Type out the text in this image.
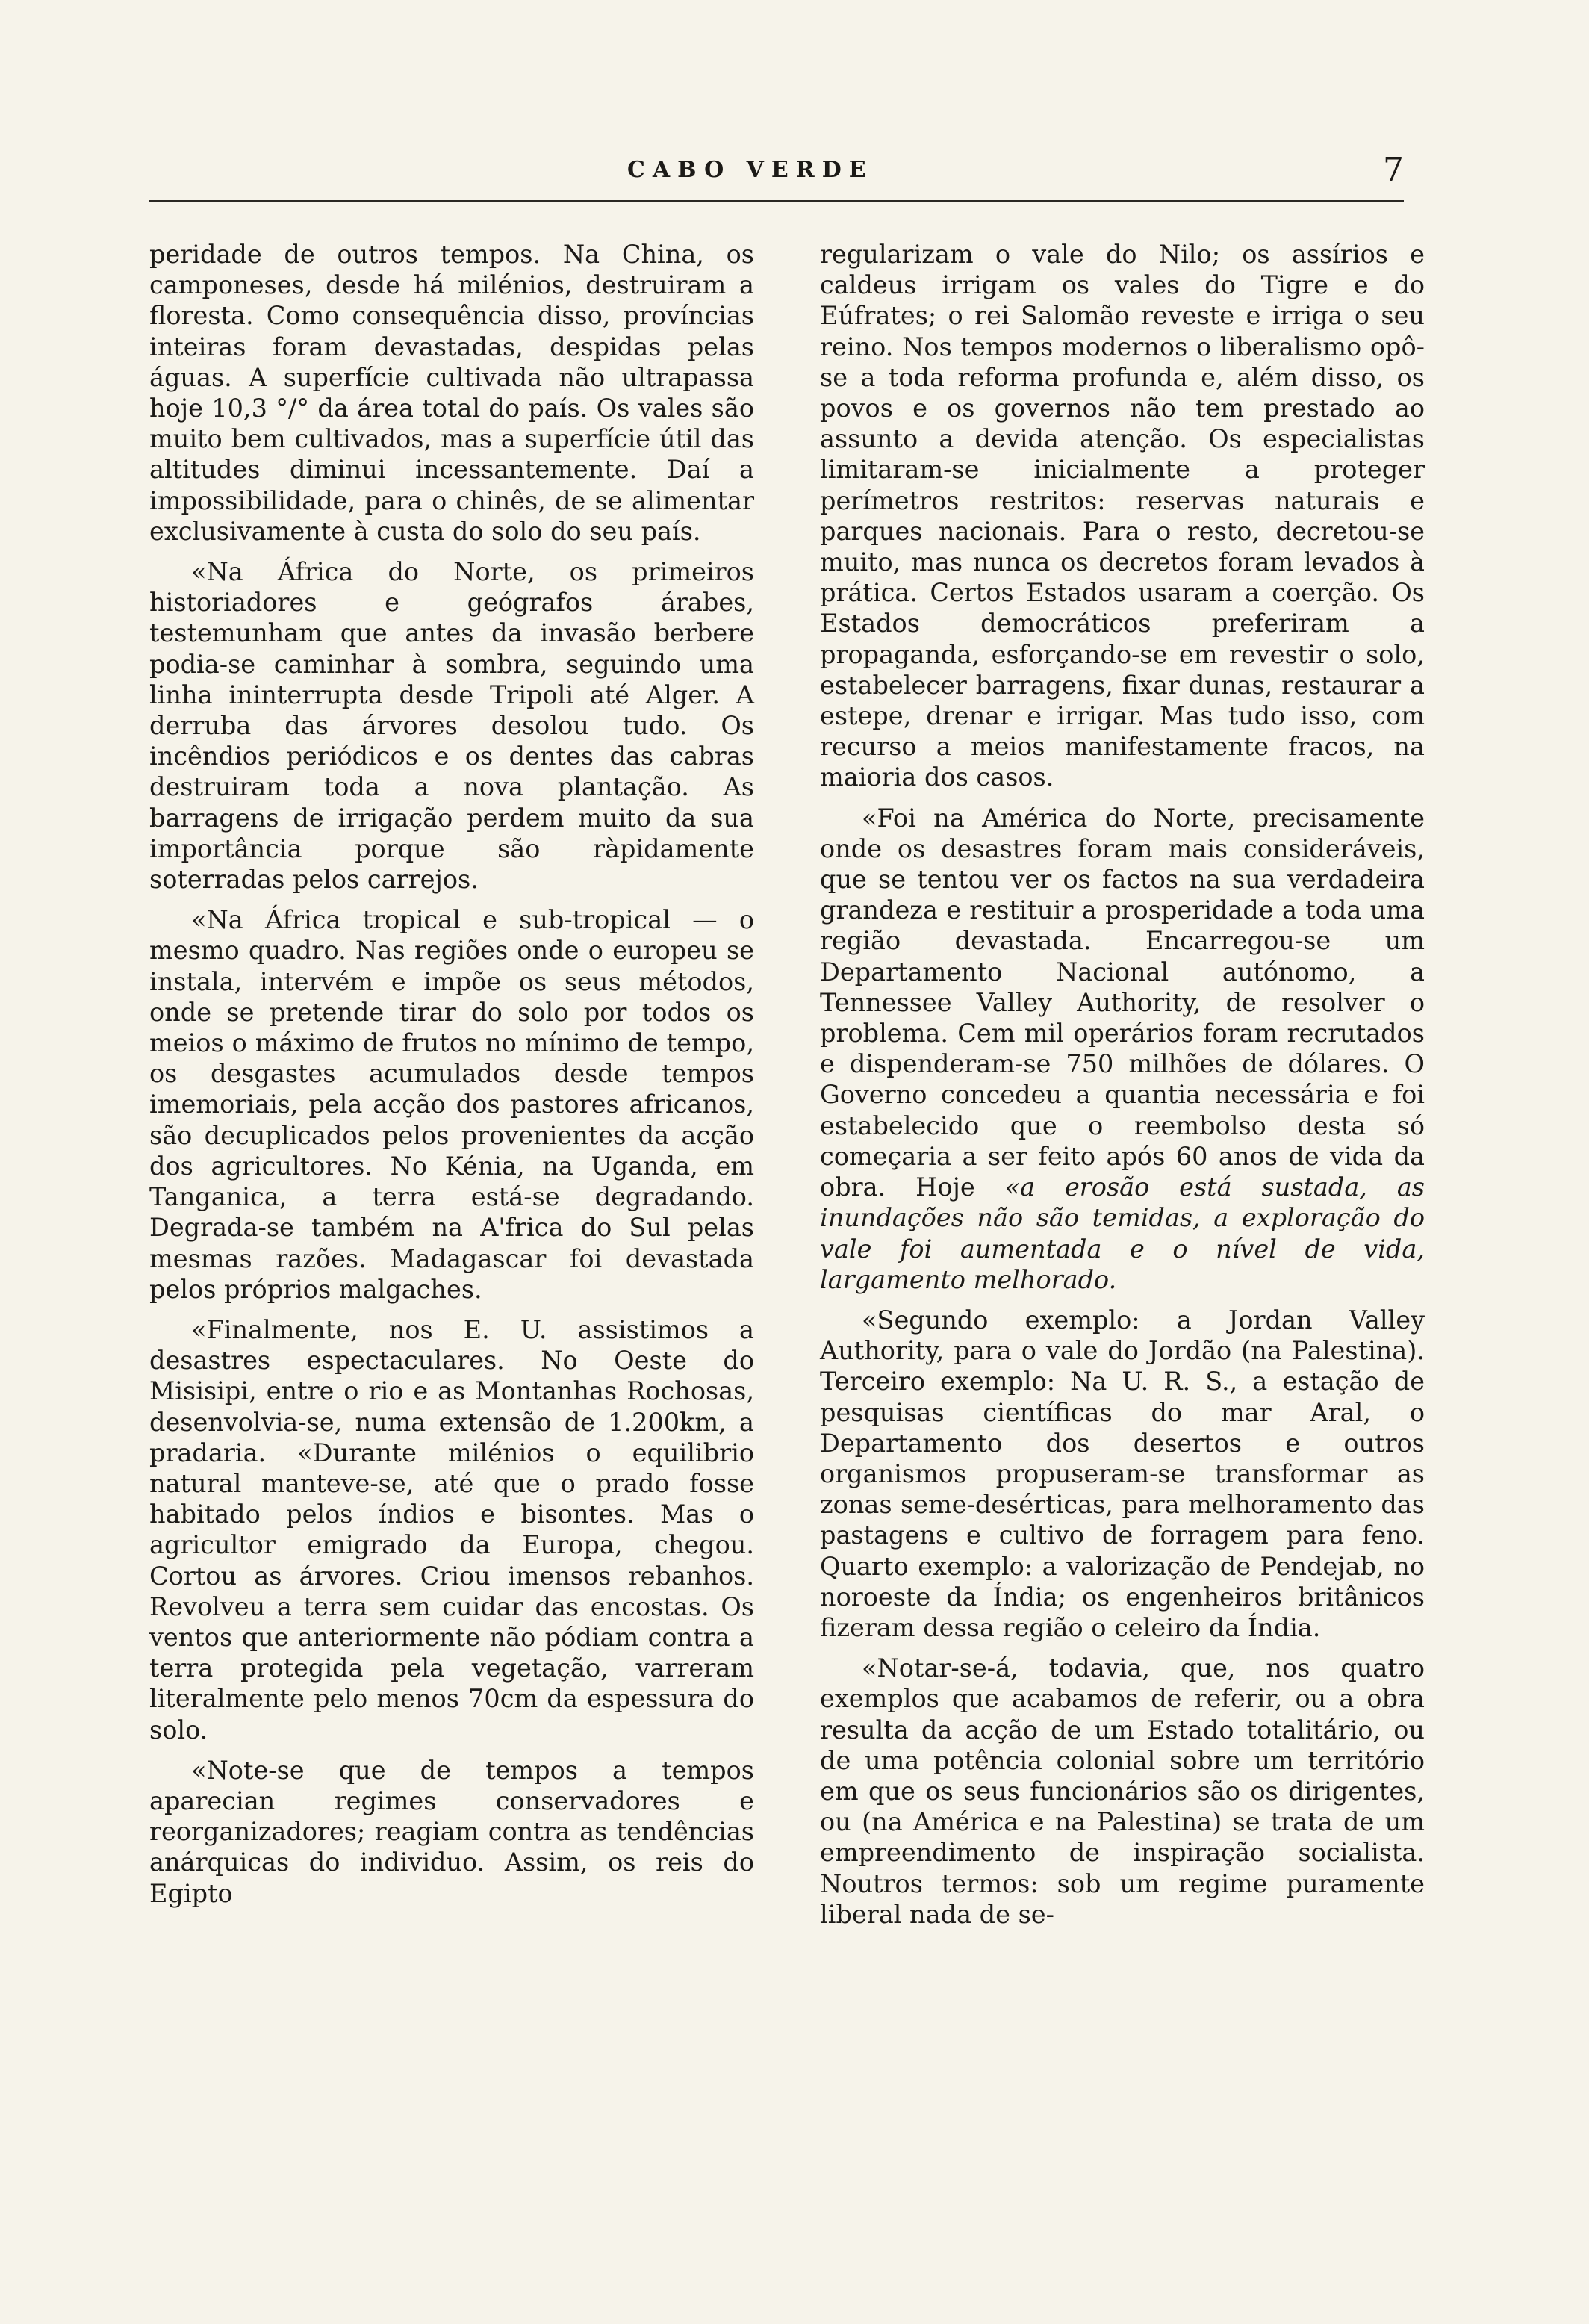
CABO VERDE	7

peridade de outros tempos. Na China, os camponeses, desde há milénios, destruiram a floresta. Como consequência disso, províncias inteiras foram devastadas, despidas pelas águas. A superfície cultivada não ultrapassa hoje 10,3 °/° da área total do país. Os vales são muito bem cultivados, mas a superfície útil das altitudes diminui incessantemente. Daí a impossibilidade, para o chinês, de se alimentar exclusivamente à custa do solo do seu país.

«Na África do Norte, os primeiros historiadores e geógrafos árabes, testemunham que antes da invasão berbere podia-se caminhar à sombra, seguindo uma linha ininterrupta desde Tripoli até Alger. A derruba das árvores desolou tudo. Os incêndios periódicos e os dentes das cabras destruiram toda a nova plantação. As barragens de irrigação perdem muito da sua importância porque são ràpidamente soterradas pelos carrejos.

«Na África tropical e sub-tropical — o mesmo quadro. Nas regiões onde o europeu se instala, intervém e impõe os seus métodos, onde se pretende tirar do solo por todos os meios o máximo de frutos no mínimo de tempo, os desgastes acumulados desde tempos imemoriais, pela acção dos pastores africanos, são decuplicados pelos provenientes da acção dos agricultores. No Kénia, na Uganda, em Tanganica, a terra está-se degradando. Degrada-se também na A'frica do Sul pelas mesmas razões. Madagascar foi devastada pelos próprios malgaches.

«Finalmente, nos E. U. assistimos a desastres espectaculares. No Oeste do Misisipi, entre o rio e as Montanhas Rochosas, desenvolvia-se, numa extensão de 1.200km, a pradaria. «Durante milénios o equilibrio natural manteve-se, até que o prado fosse habitado pelos índios e bisontes. Mas o agricultor emigrado da Europa, chegou. Cortou as árvores. Criou imensos rebanhos. Revolveu a terra sem cuidar das encostas. Os ventos que anteriormente não pódiam contra a terra protegida pela vegetação, varreram literalmente pelo menos 70cm da espessura do solo.

«Note-se que de tempos a tempos aparecian regimes conservadores e reorganizadores; reagiam contra as tendências anárquicas do individuo. Assim, os reis do Egipto

regularizam o vale do Nilo; os assírios e caldeus irrigam os vales do Tigre e do Eúfrates; o rei Salomão reveste e irriga o seu reino. Nos tempos modernos o liberalismo opô-se a toda reforma profunda e, além disso, os povos e os governos não tem prestado ao assunto a devida atenção. Os especialistas limitaram-se inicialmente a proteger perímetros restritos: reservas naturais e parques nacionais. Para o resto, decretou-se muito, mas nunca os decretos foram levados à prática. Certos Estados usaram a coerção. Os Estados democráticos preferiram a propaganda, esforçando-se em revestir o solo, estabelecer barragens, fixar dunas, restaurar a estepe, drenar e irrigar. Mas tudo isso, com recurso a meios manifestamente fracos, na maioria dos casos.

«Foi na América do Norte, precisamente onde os desastres foram mais consideráveis, que se tentou ver os factos na sua verdadeira grandeza e restituir a prosperidade a toda uma região devastada. Encarregou-se um Departamento Nacional autónomo, a Tennessee Valley Authority, de resolver o problema. Cem mil operários foram recrutados e dispenderam-se 750 milhões de dólares. O Governo concedeu a quantia necessária e foi estabelecido que o reembolso desta só começaria a ser feito após 60 anos de vida da obra. Hoje «a erosão está sustada, as inundações não são temidas, a exploração do vale foi aumentada e o nível de vida, largamento melhorado.

«Segundo exemplo: a Jordan Valley Authority, para o vale do Jordão (na Palestina). Terceiro exemplo: Na U. R. S., a estação de pesquisas científicas do mar Aral, o Departamento dos desertos e outros organismos propuseram-se transformar as zonas seme-desérticas, para melhoramento das pastagens e cultivo de forragem para feno. Quarto exemplo: a valorização de Pendejab, no noroeste da Índia; os engenheiros britânicos fizeram dessa região o celeiro da Índia.

«Notar-se-á, todavia, que, nos quatro exemplos que acabamos de referir, ou a obra resulta da acção de um Estado totalitário, ou de uma potência colonial sobre um território em que os seus funcionários são os dirigentes, ou (na América e na Palestina) se trata de um empreendimento de inspiração socialista. Noutros termos: sob um regime puramente liberal nada de se-
